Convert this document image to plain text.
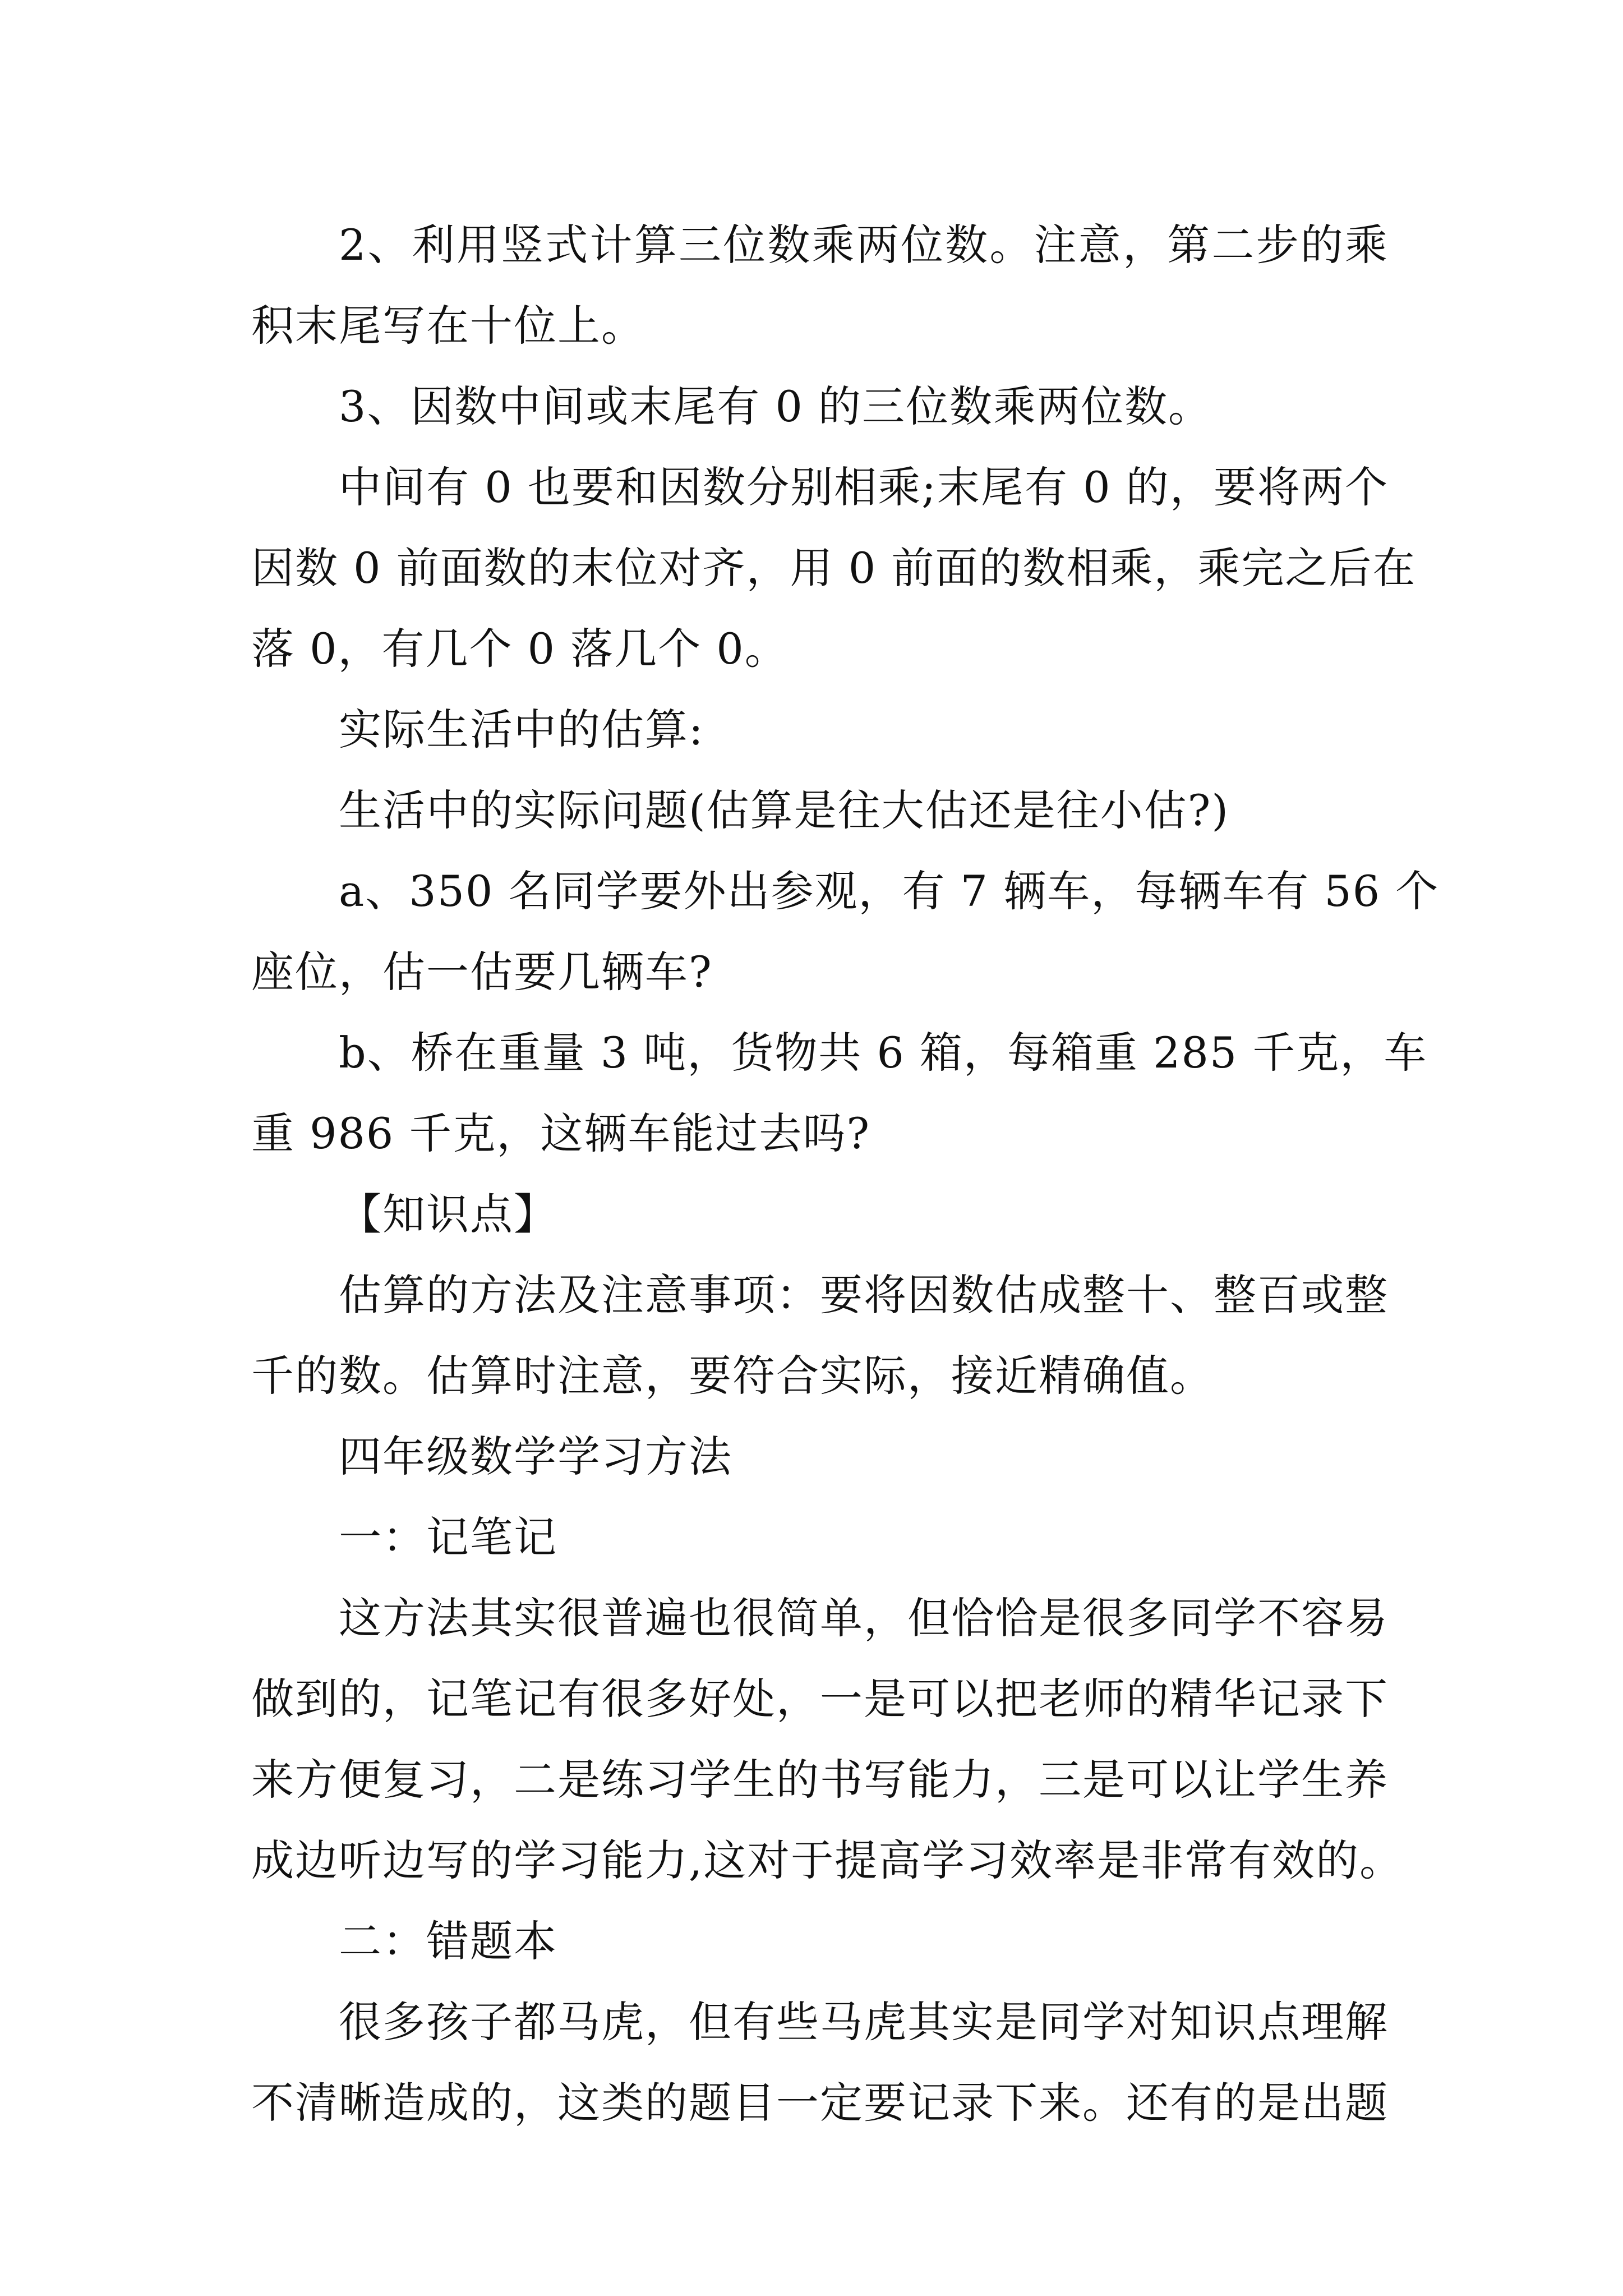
2、利用竖式计算三位数乘两位数。注意，第二步的乘
积末尾写在十位上。
3、因数中间或末尾有 0 的三位数乘两位数。
中间有 0 也要和因数分别相乘;末尾有 0 的，要将两个
因数 0 前面数的末位对齐，用 0 前面的数相乘，乘完之后在
落 0，有几个 0 落几个 0。
实际生活中的估算:
生活中的实际问题(估算是往大估还是往小估?)
a、350 名同学要外出参观，有 7 辆车，每辆车有 56 个
座位，估一估要几辆车?
b、桥在重量 3 吨，货物共 6 箱，每箱重 285 千克，车
重 986 千克，这辆车能过去吗?
【知识点】
估算的方法及注意事项：要将因数估成整十、整百或整
千的数。估算时注意，要符合实际，接近精确值。
四年级数学学习方法
一：记笔记
这方法其实很普遍也很简单，但恰恰是很多同学不容易
做到的，记笔记有很多好处，一是可以把老师的精华记录下
来方便复习，二是练习学生的书写能力，三是可以让学生养
成边听边写的学习能力,这对于提高学习效率是非常有效的。
二：错题本
很多孩子都马虎，但有些马虎其实是同学对知识点理解
不清晰造成的，这类的题目一定要记录下来。还有的是出题
